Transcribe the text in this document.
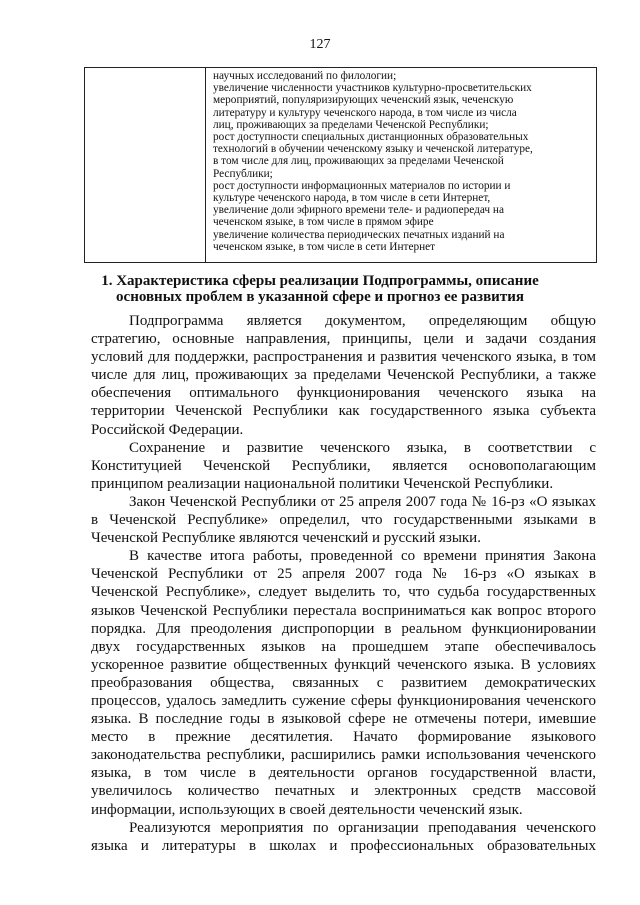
127
научных исследований по филологии;
увеличение численности участников культурно-просветительских
мероприятий, популяризирующих чеченский язык, чеченскую
литературу и культуру чеченского народа, в том числе из числа
лиц, проживающих за пределами Чеченской Республики;
рост доступности специальных дистанционных образовательных
технологий в обучении чеченскому языку и чеченской литературе,
в том числе для лиц, проживающих за пределами Чеченской
Республики;
рост доступности информационных материалов по истории и
культуре чеченского народа, в том числе в сети Интернет,
увеличение доли эфирного времени теле- и радиопередач на
чеченском языке, в том числе в прямом эфире
увеличение количества периодических печатных изданий на
чеченском языке, в том числе в сети Интернет
1. Характеристика сферы реализации Подпрограммы, описание
основных проблем в указанной сфере и прогноз ее развития
Подпрограмма является документом, определяющим общую
стратегию, основные направления, принципы, цели и задачи создания
условий для поддержки, распространения и развития чеченского языка, в том
числе для лиц, проживающих за пределами Чеченской Республики, а также
обеспечения оптимального функционирования чеченского языка на
территории Чеченской Республики как государственного языка субъекта
Российской Федерации.
Сохранение и развитие чеченского языка, в соответствии с
Конституцией Чеченской Республики, является основополагающим
принципом реализации национальной политики Чеченской Республики.
Закон Чеченской Республики от 25 апреля 2007 года № 16-рз «О языках
в Чеченской Республике» определил, что государственными языками в
Чеченской Республике являются чеченский и русский языки.
В качестве итога работы, проведенной со времени принятия Закона
Чеченской Республики от 25 апреля 2007 года № 16-рз «О языках в
Чеченской Республике», следует выделить то, что судьба государственных
языков Чеченской Республики перестала восприниматься как вопрос второго
порядка. Для преодоления диспропорции в реальном функционировании
двух государственных языков на прошедшем этапе обеспечивалось
ускоренное развитие общественных функций чеченского языка. В условиях
преобразования общества, связанных с развитием демократических
процессов, удалось замедлить сужение сферы функционирования чеченского
языка. В последние годы в языковой сфере не отмечены потери, имевшие
место в прежние десятилетия. Начато формирование языкового
законодательства республики, расширились рамки использования чеченского
языка, в том числе в деятельности органов государственной власти,
увеличилось количество печатных и электронных средств массовой
информации, использующих в своей деятельности чеченский язык.
Реализуются мероприятия по организации преподавания чеченского
языка и литературы в школах и профессиональных образовательных
